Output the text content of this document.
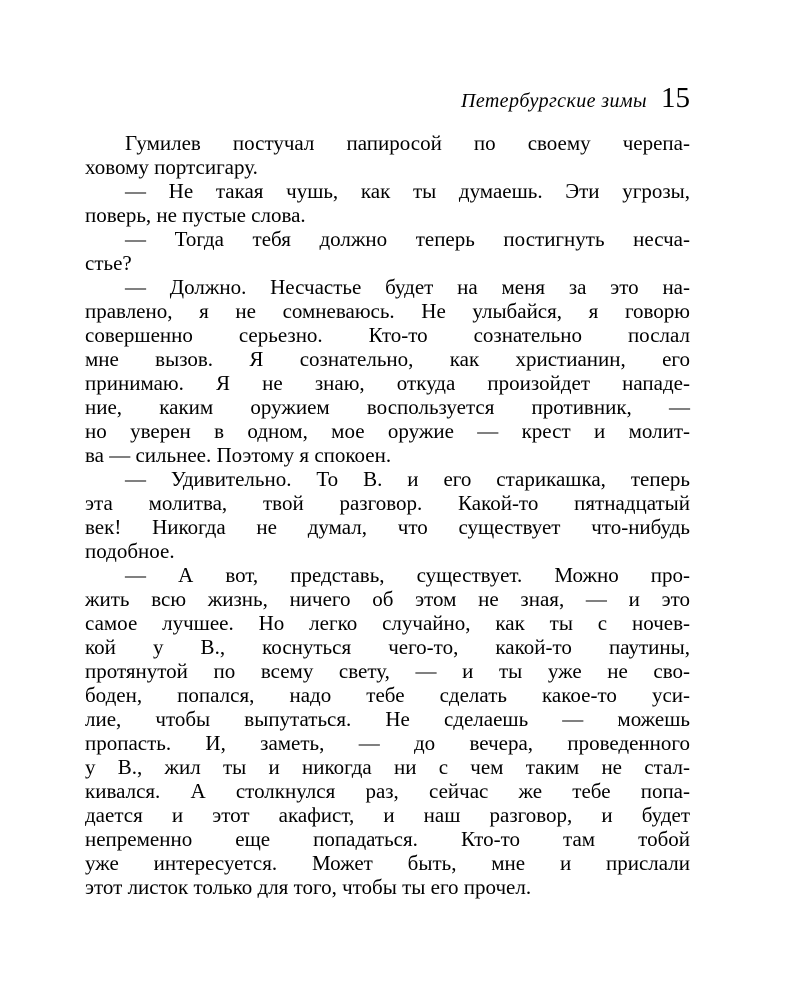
Петербургские зимы 15
Гумилев постучал папиросой по своему черепа-
ховому портсигару.
— Не такая чушь, как ты думаешь. Эти угрозы,
поверь, не пустые слова.
— Тогда тебя должно теперь постигнуть несча-
стье?
— Должно. Несчастье будет на меня за это на-
правлено, я не сомневаюсь. Не улыбайся, я говорю
совершенно серьезно. Кто-то сознательно послал
мне вызов. Я сознательно, как христианин, его
принимаю. Я не знаю, откуда произойдет нападе-
ние, каким оружием воспользуется противник, —
но уверен в одном, мое оружие — крест и молит-
ва — сильнее. Поэтому я спокоен.
— Удивительно. То В. и его старикашка, теперь
эта молитва, твой разговор. Какой-то пятнадцатый
век! Никогда не думал, что существует что-нибудь
подобное.
— А вот, представь, существует. Можно про-
жить всю жизнь, ничего об этом не зная, — и это
самое лучшее. Но легко случайно, как ты с ночев-
кой у В., коснуться чего-то, какой-то паутины,
протянутой по всему свету, — и ты уже не сво-
боден, попался, надо тебе сделать какое-то уси-
лие, чтобы выпутаться. Не сделаешь — можешь
пропасть. И, заметь, — до вечера, проведенного
у В., жил ты и никогда ни с чем таким не стал-
кивался. А столкнулся раз, сейчас же тебе попа-
дается и этот акафист, и наш разговор, и будет
непременно еще попадаться. Кто-то там тобой
уже интересуется. Может быть, мне и прислали
этот листок только для того, чтобы ты его прочел.
